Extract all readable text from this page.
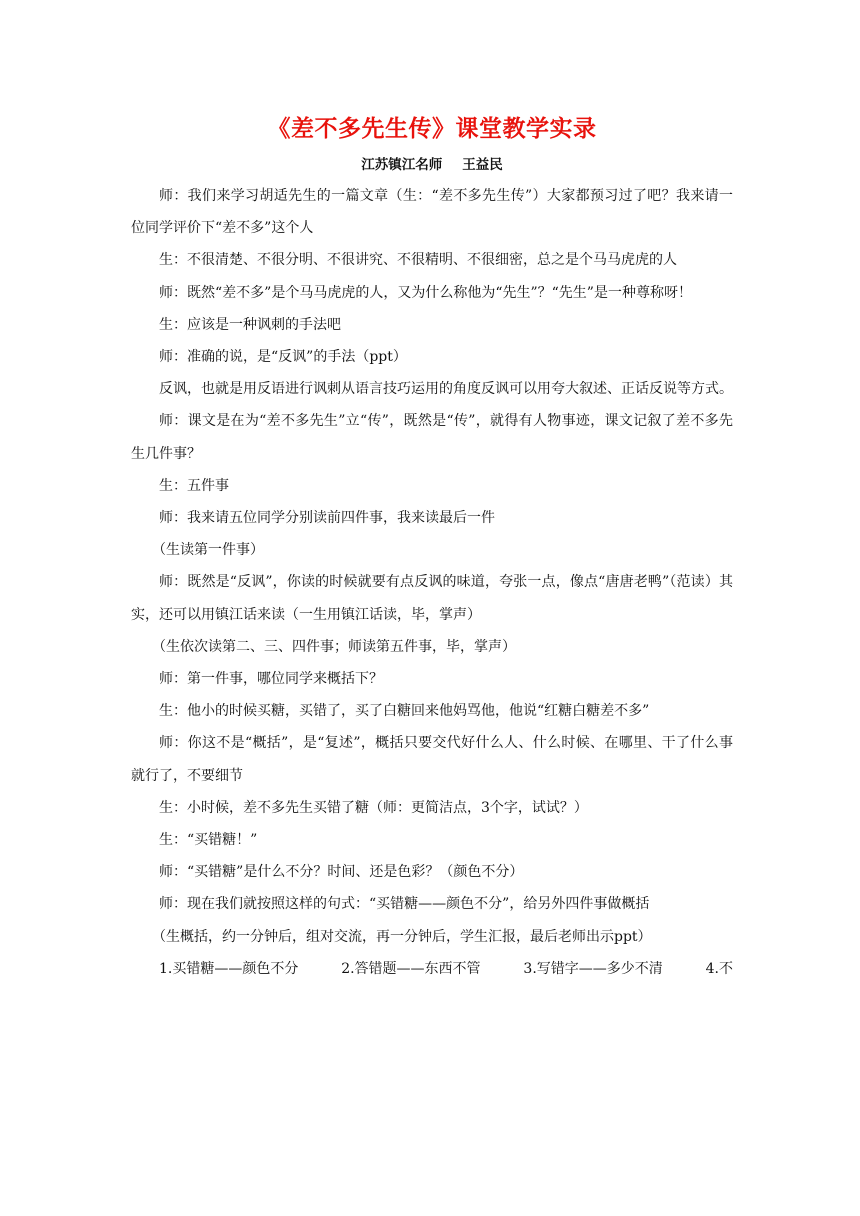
《差不多先生传》课堂教学实录
江苏镇江名师 王益民

师：我们来学习胡适先生的一篇文章（生：“差不多先生传”）大家都预习过了吧？我来请一位同学评价下“差不多”这个人

生：不很清楚、不很分明、不很讲究、不很精明、不很细密，总之是个马马虎虎的人

师：既然“差不多”是个马马虎虎的人，又为什么称他为“先生”？“先生”是一种尊称呀！

生：应该是一种讽刺的手法吧

师：准确的说，是“反讽”的手法（ppt）

反讽，也就是用反语进行讽刺从语言技巧运用的角度反讽可以用夸大叙述、正话反说等方式。

师：课文是在为“差不多先生”立“传”，既然是“传”，就得有人物事迹，课文记叙了差不多先生几件事？

生：五件事

师：我来请五位同学分别读前四件事，我来读最后一件

（生读第一件事）

师：既然是“反讽”，你读的时候就要有点反讽的味道，夸张一点，像点“唐唐老鸭”（范读）其实，还可以用镇江话来读（一生用镇江话读，毕，掌声）

（生依次读第二、三、四件事；师读第五件事，毕，掌声）

师：第一件事，哪位同学来概括下？

生：他小的时候买糖，买错了，买了白糖回来他妈骂他，他说“红糖白糖差不多”

师：你这不是“概括”，是“复述”，概括只要交代好什么人、什么时候、在哪里、干了什么事就行了，不要细节

生：小时候，差不多先生买错了糖（师：更简洁点，3个字，试试？）

生：“买错糖！”

师：“买错糖”是什么不分？时间、还是色彩？（颜色不分）

师：现在我们就按照这样的句式：“买错糖——颜色不分”，给另外四件事做概括

（生概括，约一分钟后，组对交流，再一分钟后，学生汇报，最后老师出示ppt）

1.买错糖——颜色不分	2.答错题——东西不管	3.写错字——多少不清	4.不
